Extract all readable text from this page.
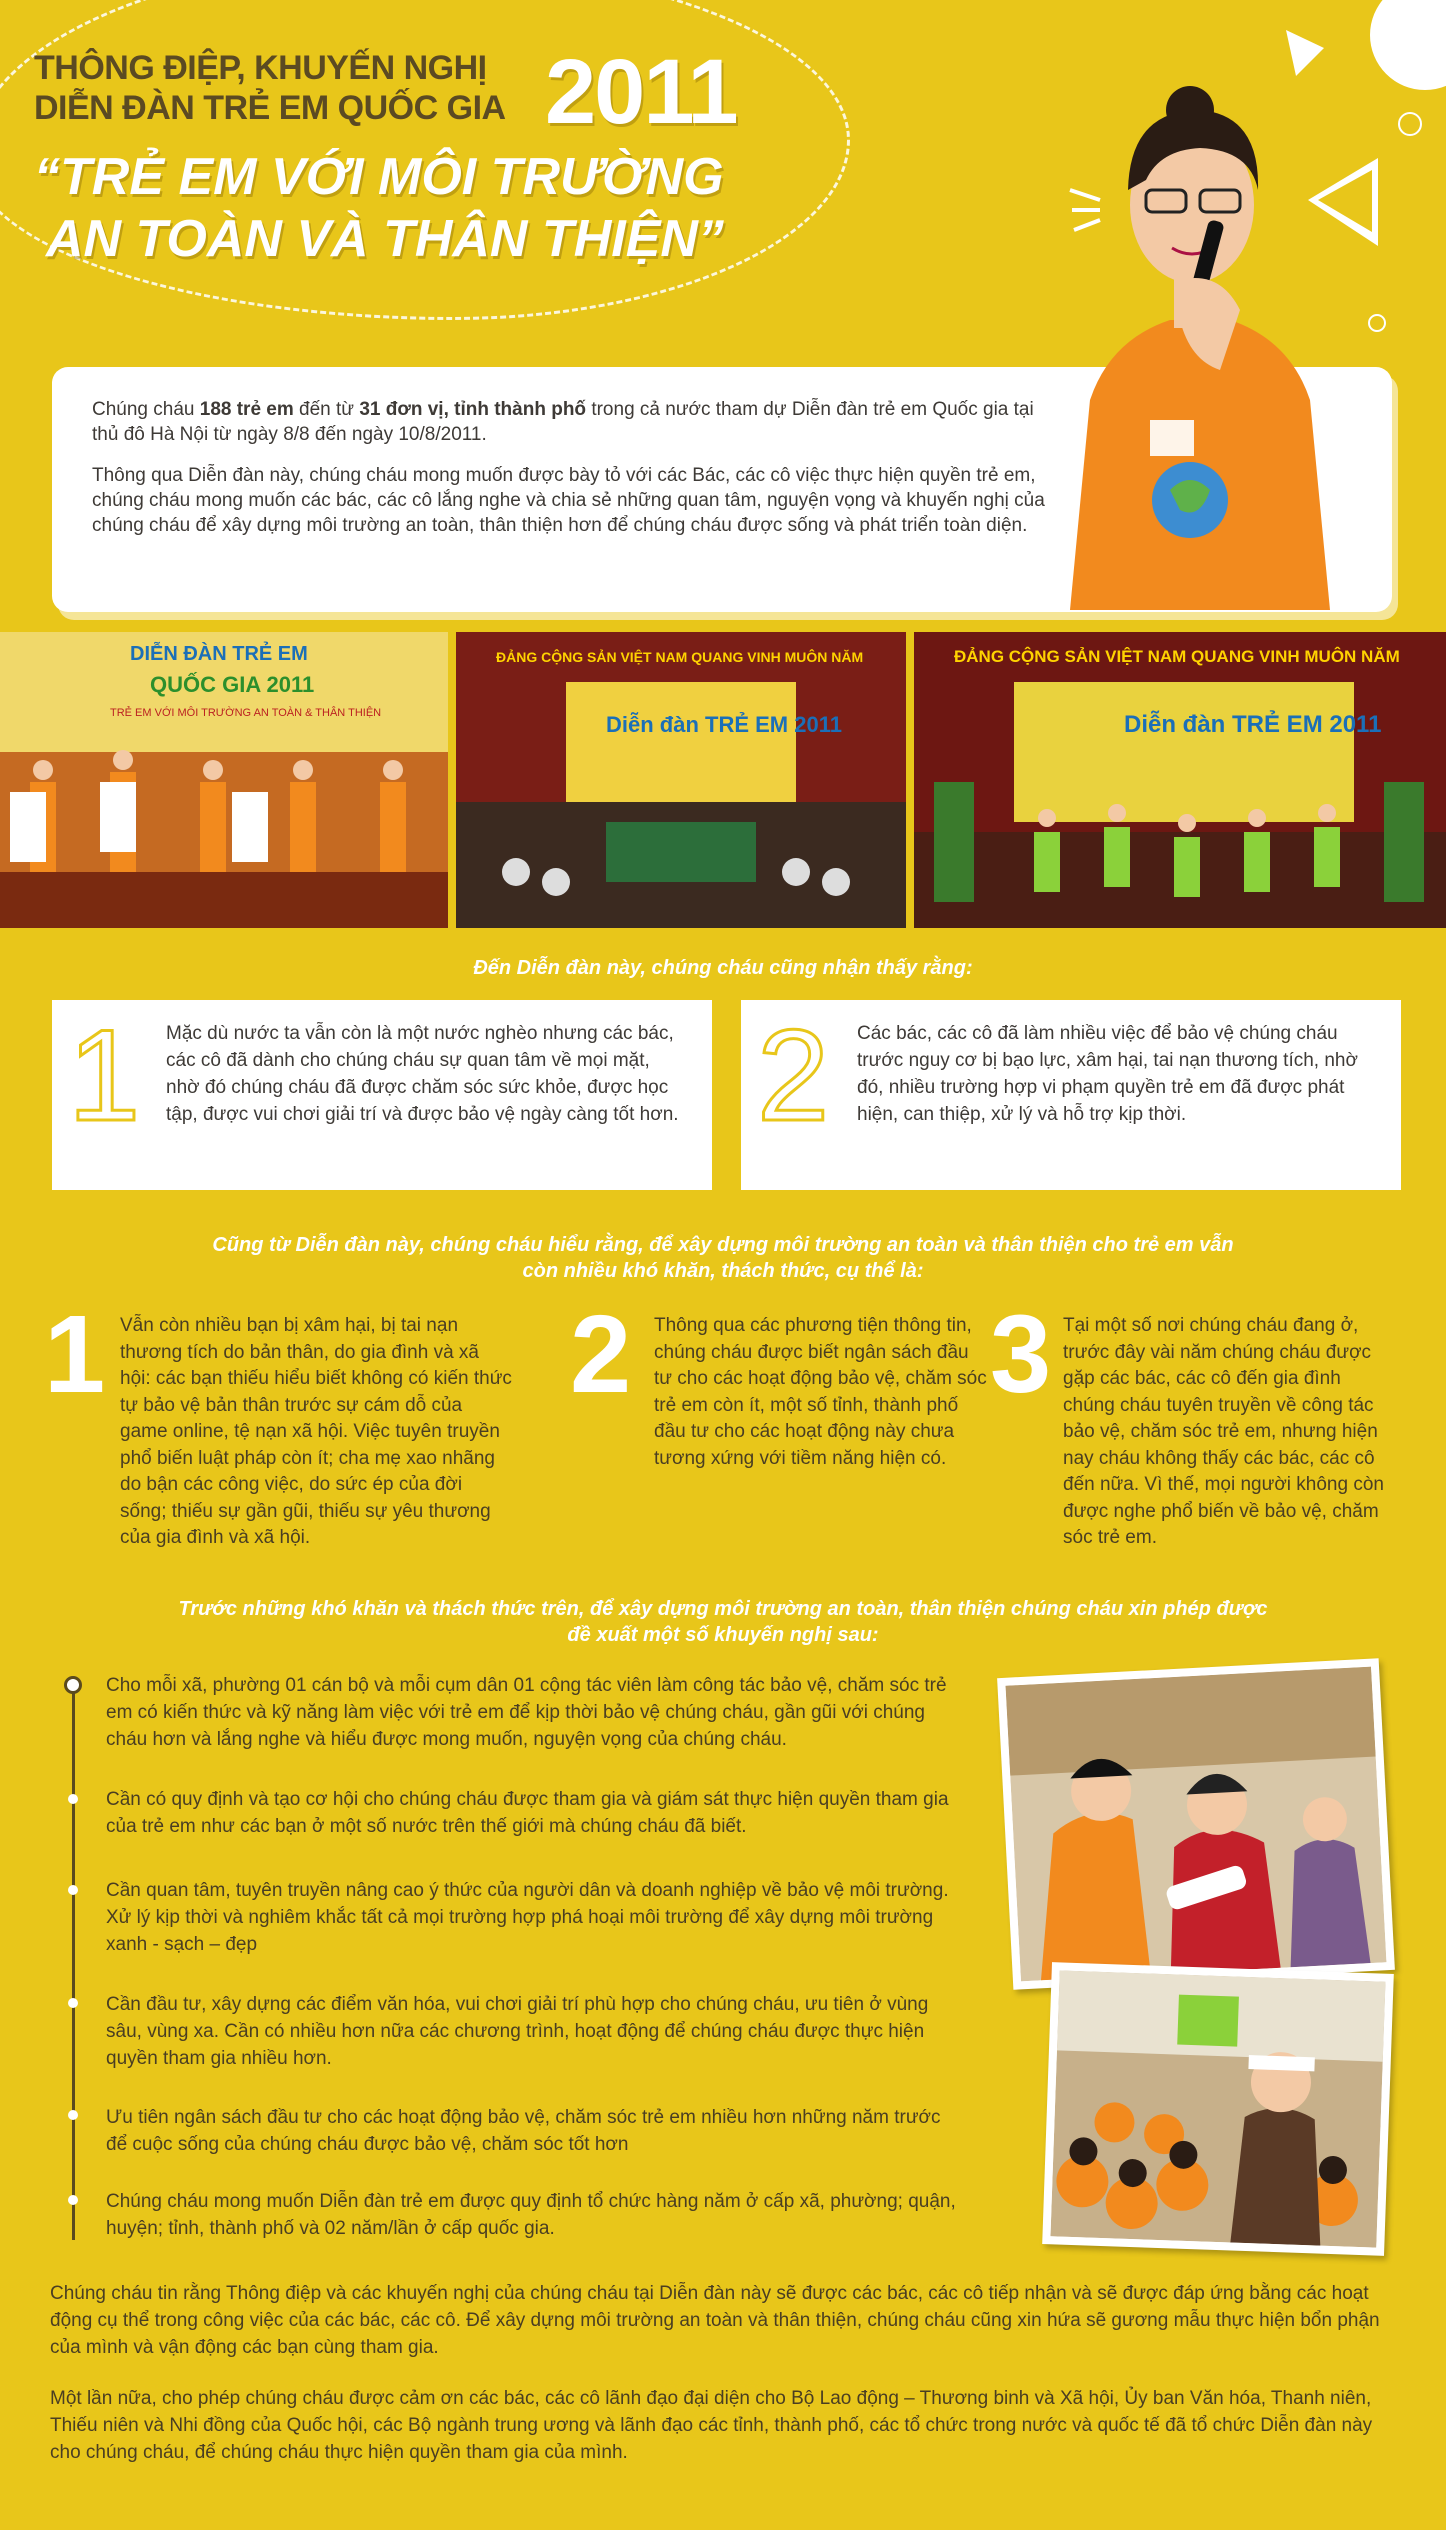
THÔNG ĐIỆP, KHUYẾN NGHỊ
DIỄN ĐÀN TRẺ EM QUỐC GIA 2011
“TRẺ EM VỚI MÔI TRƯỜNG
AN TOÀN VÀ THÂN THIỆN”

Chúng cháu 188 trẻ em đến từ 31 đơn vị, tỉnh thành phố trong cả nước tham dự Diễn đàn trẻ em Quốc gia tại thủ đô Hà Nội từ ngày 8/8 đến ngày 10/8/2011.

Thông qua Diễn đàn này, chúng cháu mong muốn được bày tỏ với các Bác, các cô việc thực hiện quyền trẻ em, chúng cháu mong muốn các bác, các cô lắng nghe và chia sẻ những quan tâm, nguyện vọng và khuyến nghị của chúng cháu để xây dựng môi trường an toàn, thân thiện hơn để chúng cháu được sống và phát triển toàn diện.

DIỄN ĐÀN TRẺ EM
QUỐC GIA 2011
TRẺ EM VỚI MÔI TRƯỜNG AN TOÀN & THÂN THIỆN
ĐẢNG CỘNG SẢN VIỆT NAM QUANG VINH MUÔN NĂM
Diễn đàn TRẺ EM 2011
ĐẢNG CỘNG SẢN VIỆT NAM QUANG VINH MUÔN NĂM
Diễn đàn TRẺ EM 2011
Đến Diễn đàn này, chúng cháu cũng nhận thấy rằng:
1 Mặc dù nước ta vẫn còn là một nước nghèo nhưng các bác, các cô đã dành cho chúng cháu sự quan tâm về mọi mặt, nhờ đó chúng cháu đã được chăm sóc sức khỏe, được học tập, được vui chơi giải trí và được bảo vệ ngày càng tốt hơn. 2 Các bác, các cô đã làm nhiều việc để bảo vệ chúng cháu trước nguy cơ bị bạo lực, xâm hại, tai nạn thương tích, nhờ đó, nhiều trường hợp vi phạm quyền trẻ em đã được phát hiện, can thiệp, xử lý và hỗ trợ kịp thời.

Cũng từ Diễn đàn này, chúng cháu hiểu rằng, để xây dựng môi trường an toàn và thân thiện cho trẻ em vẫn
còn nhiều khó khăn, thách thức, cụ thể là:
1 Vẫn còn nhiều bạn bị xâm hại, bị tai nạn thương tích do bản thân, do gia đình và xã hội: các bạn thiếu hiểu biết không có kiến thức tự bảo vệ bản thân trước sự cám dỗ của game online, tệ nạn xã hội. Việc tuyên truyền phổ biến luật pháp còn ít; cha mẹ xao nhãng do bận các công việc, do sức ép của đời sống; thiếu sự gần gũi, thiếu sự yêu thương của gia đình và xã hội.
2 Thông qua các phương tiện thông tin, chúng cháu được biết ngân sách đầu tư cho các hoạt động bảo vệ, chăm sóc trẻ em còn ít, một số tỉnh, thành phố đầu tư cho các hoạt động này chưa tương xứng với tiềm năng hiện có.
3 Tại một số nơi chúng cháu đang ở, trước đây vài năm chúng cháu được gặp các bác, các cô đến gia đình chúng cháu tuyên truyền về công tác bảo vệ, chăm sóc trẻ em, nhưng hiện nay cháu không thấy các bác, các cô đến nữa. Vì thế, mọi người không còn được nghe phổ biến về bảo vệ, chăm sóc trẻ em.
Trước những khó khăn và thách thức trên, để xây dựng môi trường an toàn, thân thiện chúng cháu xin phép được
đề xuất một số khuyến nghị sau:
Cho mỗi xã, phường 01 cán bộ và mỗi cụm dân 01 cộng tác viên làm công tác bảo vệ, chăm sóc trẻ em có kiến thức và kỹ năng làm việc với trẻ em để kịp thời bảo vệ chúng cháu, gần gũi với chúng cháu hơn và lắng nghe và hiểu được mong muốn, nguyện vọng của chúng cháu.
Cần có quy định và tạo cơ hội cho chúng cháu được tham gia và giám sát thực hiện quyền tham gia của trẻ em như các bạn ở một số nước trên thế giới mà chúng cháu đã biết.
Cần quan tâm, tuyên truyền nâng cao ý thức của người dân và doanh nghiệp về bảo vệ môi trường. Xử lý kịp thời và nghiêm khắc tất cả mọi trường hợp phá hoại môi trường để xây dựng môi trường xanh - sạch – đẹp
Cần đầu tư, xây dựng các điểm văn hóa, vui chơi giải trí phù hợp cho chúng cháu, ưu tiên ở vùng sâu, vùng xa. Cần có nhiều hơn nữa các chương trình, hoạt động để chúng cháu được thực hiện quyền tham gia nhiều hơn.
Ưu tiên ngân sách đầu tư cho các hoạt động bảo vệ, chăm sóc trẻ em nhiều hơn những năm trước để cuộc sống của chúng cháu được bảo vệ, chăm sóc tốt hơn
Chúng cháu mong muốn Diễn đàn trẻ em được quy định tổ chức hàng năm ở cấp xã, phường; quận, huyện; tỉnh, thành phố và 02 năm/lần ở cấp quốc gia.
Chúng cháu tin rằng Thông điệp và các khuyến nghị của chúng cháu tại Diễn đàn này sẽ được các bác, các cô tiếp nhận và sẽ được đáp ứng bằng các hoạt động cụ thể trong công việc của các bác, các cô. Để xây dựng môi trường an toàn và thân thiện, chúng cháu cũng xin hứa sẽ gương mẫu thực hiện bổn phận của mình và vận động các bạn cùng tham gia.
Một lần nữa, cho phép chúng cháu được cảm ơn các bác, các cô lãnh đạo đại diện cho Bộ Lao động – Thương binh và Xã hội, Ủy ban Văn hóa, Thanh niên, Thiếu niên và Nhi đồng của Quốc hội, các Bộ ngành trung ương và lãnh đạo các tỉnh, thành phố, các tổ chức trong nước và quốc tế đã tổ chức Diễn đàn này cho chúng cháu, để chúng cháu thực hiện quyền tham gia của mình.
